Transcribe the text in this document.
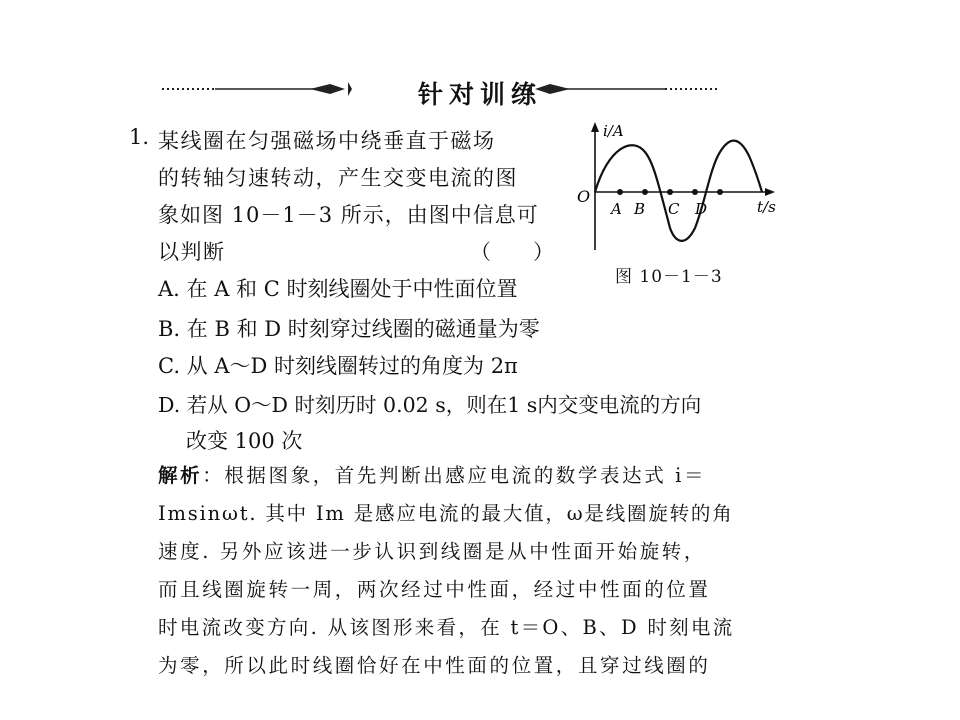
针对训练
1. 某线圈在匀强磁场中绕垂直于磁场
的转轴匀速转动，产生交变电流的图
象如图 10－1－3 所示，由图中信息可
以判断	（　　）
A. 在 A 和 C 时刻线圈处于中性面位置
B. 在 B 和 D 时刻穿过线圈的磁通量为零
C. 从 A～D 时刻线圈转过的角度为 2π
D. 若从 O～D 时刻历时 0.02 s，则在1 s内交变电流的方向
改变 100 次
i/A
t/s
O
A B C D
图 10－1－3
解析：根据图象，首先判断出感应电流的数学表达式 i＝
Imsinωt. 其中 Im 是感应电流的最大值，ω是线圈旋转的角
速度. 另外应该进一步认识到线圈是从中性面开始旋转，
而且线圈旋转一周，两次经过中性面，经过中性面的位置
时电流改变方向. 从该图形来看，在 t＝O、B、D 时刻电流
为零，所以此时线圈恰好在中性面的位置，且穿过线圈的
